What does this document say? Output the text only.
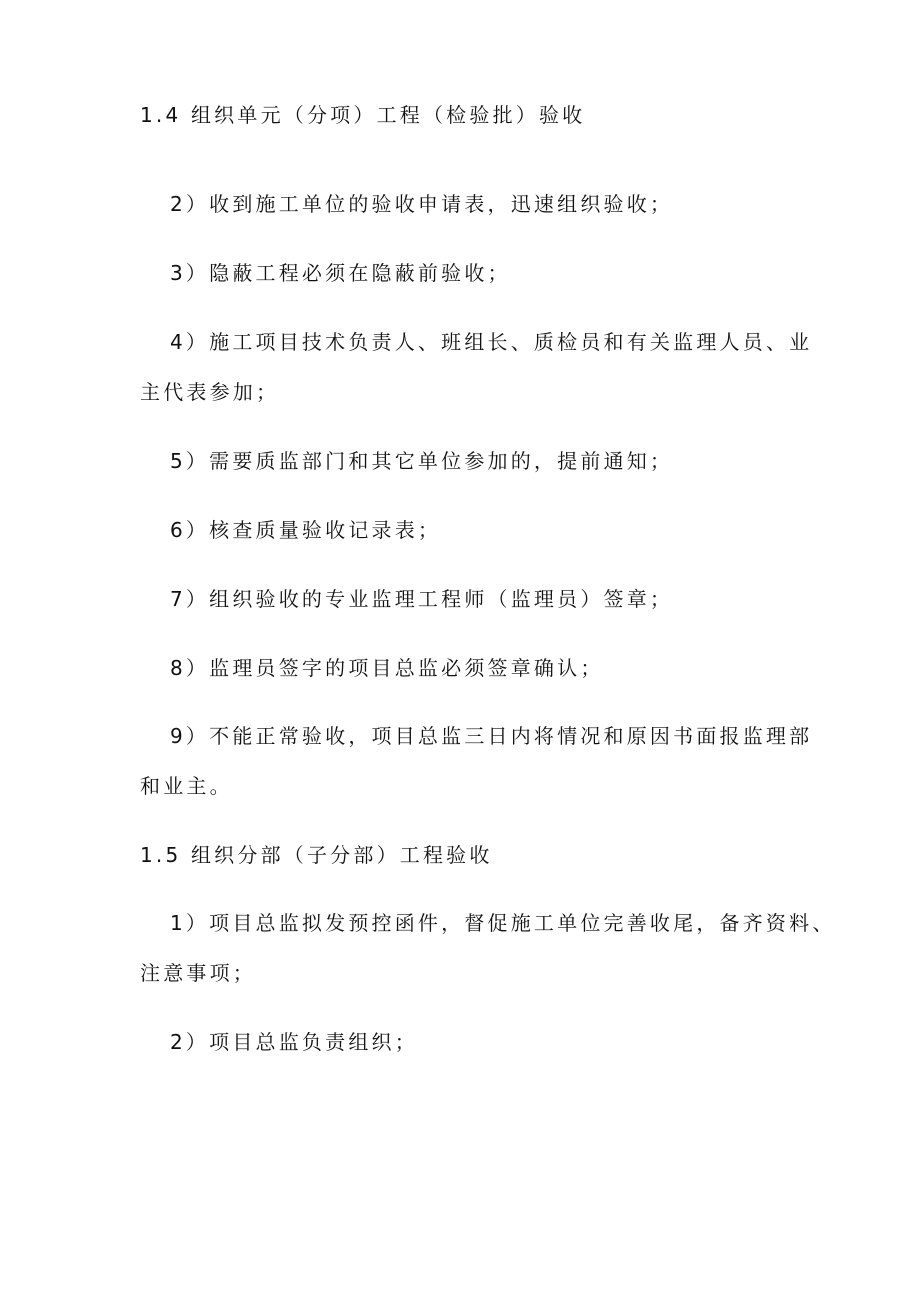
1.4 组织单元（分项）工程（检验批）验收
2）收到施工单位的验收申请表，迅速组织验收；
3）隐蔽工程必须在隐蔽前验收；
4）施工项目技术负责人、班组长、质检员和有关监理人员、业
主代表参加；
5）需要质监部门和其它单位参加的，提前通知；
6）核查质量验收记录表；
7）组织验收的专业监理工程师（监理员）签章；
8）监理员签字的项目总监必须签章确认；
9）不能正常验收，项目总监三日内将情况和原因书面报监理部
和业主。
1.5 组织分部（子分部）工程验收
1）项目总监拟发预控函件，督促施工单位完善收尾，备齐资料、
注意事项；
2）项目总监负责组织；
